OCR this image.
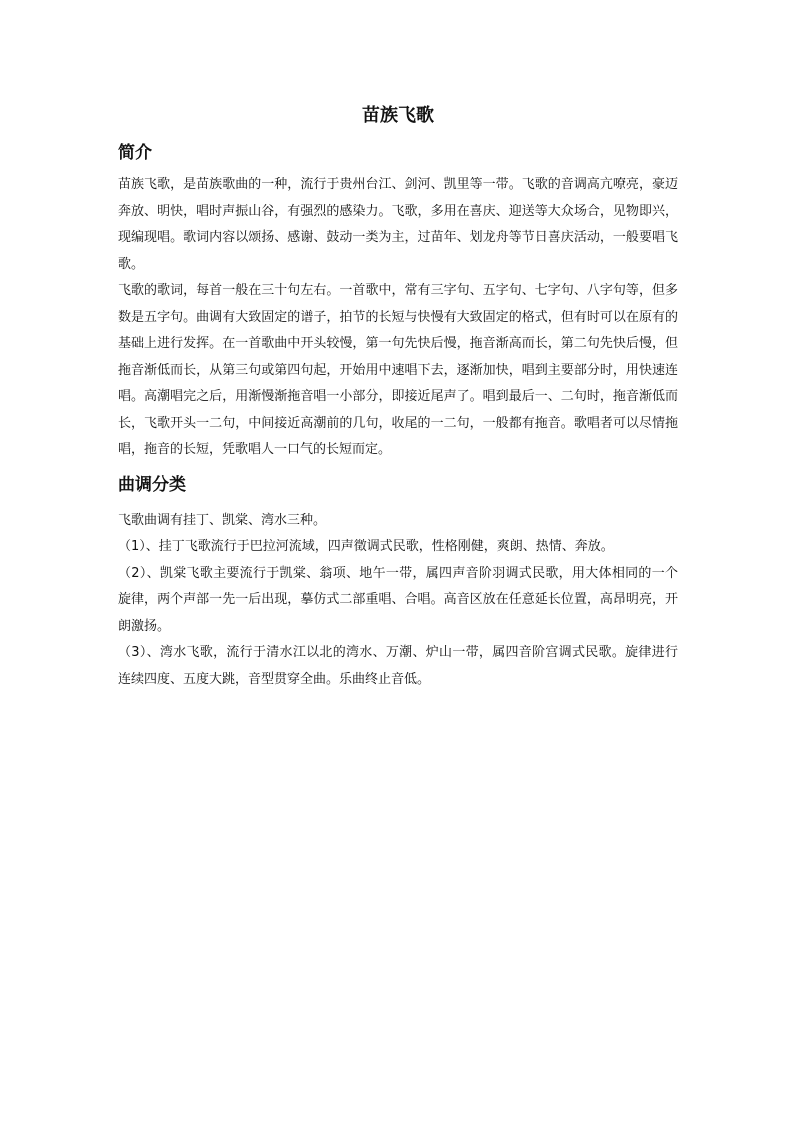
苗族飞歌
简介

苗族飞歌，是苗族歌曲的一种，流行于贵州台江、剑河、凯里等一带。飞歌的音调高亢嘹亮，豪迈奔放、明快，唱时声振山谷，有强烈的感染力。飞歌，多用在喜庆、迎送等大众场合，见物即兴，现编现唱。歌词内容以颂扬、感谢、鼓动一类为主，过苗年、划龙舟等节日喜庆活动，一般要唱飞歌。

飞歌的歌词，每首一般在三十句左右。一首歌中，常有三字句、五字句、七字句、八字句等，但多数是五字句。曲调有大致固定的谱子，拍节的长短与快慢有大致固定的格式，但有时可以在原有的基础上进行发挥。在一首歌曲中开头较慢，第一句先快后慢，拖音渐高而长，第二句先快后慢，但拖音渐低而长，从第三句或第四句起，开始用中速唱下去，逐渐加快，唱到主要部分时，用快速连唱。高潮唱完之后，用渐慢渐拖音唱一小部分，即接近尾声了。唱到最后一、二句时，拖音渐低而长，飞歌开头一二句，中间接近高潮前的几句，收尾的一二句，一般都有拖音。歌唱者可以尽情拖唱，拖音的长短，凭歌唱人一口气的长短而定。

曲调分类

飞歌曲调有挂丁、凯棠、湾水三种。

（1）、挂丁飞歌流行于巴拉河流域，四声徵调式民歌，性格刚健，爽朗、热情、奔放。

（2）、凯棠飞歌主要流行于凯棠、翁项、地午一带，属四声音阶羽调式民歌，用大体相同的一个旋律，两个声部一先一后出现，摹仿式二部重唱、合唱。高音区放在任意延长位置，高昂明亮，开朗激扬。

（3）、湾水飞歌，流行于清水江以北的湾水、万潮、炉山一带，属四音阶宫调式民歌。旋律进行连续四度、五度大跳，音型贯穿全曲。乐曲终止音低。
